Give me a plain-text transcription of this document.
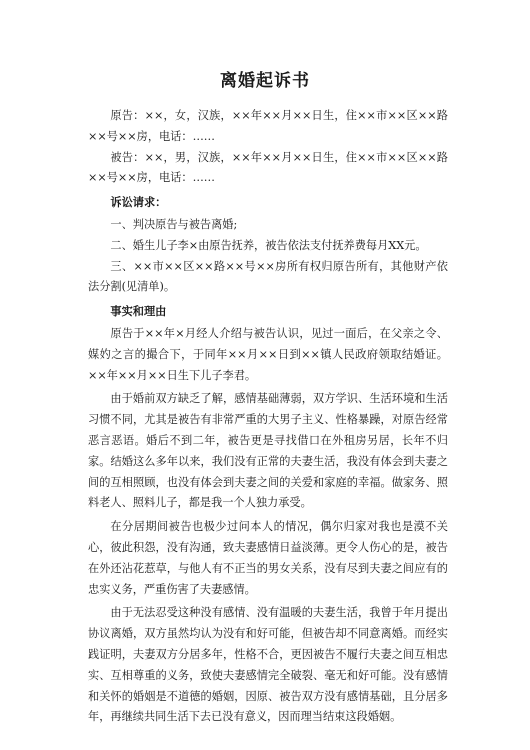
离婚起诉书

原告：××，女，汉族，××年××月××日生，住××市××区××路××号××房，电话：……

被告：××，男，汉族，××年××月××日生，住××市××区××路××号××房，电话：……

诉讼请求：

一、判决原告与被告离婚;

二、婚生儿子李×由原告抚养，被告依法支付抚养费每月XX元。

三、××市××区××路××号××房所有权归原告所有，其他财产依法分割(见清单)。

事实和理由

原告于××年×月经人介绍与被告认识，见过一面后，在父亲之令、媒妁之言的撮合下，于同年××月××日到××镇人民政府领取结婚证。××年××月××日生下儿子李君。

由于婚前双方缺乏了解，感情基础薄弱，双方学识、生活环境和生活习惯不同，尤其是被告有非常严重的大男子主义、性格暴躁，对原告经常恶言恶语。婚后不到二年，被告更是寻找借口在外租房另居，长年不归家。结婚这么多年以来，我们没有正常的夫妻生活，我没有体会到夫妻之间的互相照顾，也没有体会到夫妻之间的关爱和家庭的幸福。做家务、照料老人、照料儿子，都是我一个人独力承受。

在分居期间被告也极少过问本人的情况，偶尔归家对我也是漠不关心，彼此积怨，没有沟通，致夫妻感情日益淡薄。更令人伤心的是，被告在外还沾花惹草，与他人有不正当的男女关系，没有尽到夫妻之间应有的忠实义务，严重伤害了夫妻感情。

由于无法忍受这种没有感情、没有温暖的夫妻生活，我曾于年月提出协议离婚，双方虽然均认为没有和好可能，但被告却不同意离婚。而经实践证明，夫妻双方分居多年，性格不合，更因被告不履行夫妻之间互相忠实、互相尊重的义务，致使夫妻感情完全破裂、毫无和好可能。没有感情和关怀的婚姻是不道德的婚姻，因原、被告双方没有感情基础，且分居多年，再继续共同生活下去已没有意义，因而理当结束这段婚姻。
